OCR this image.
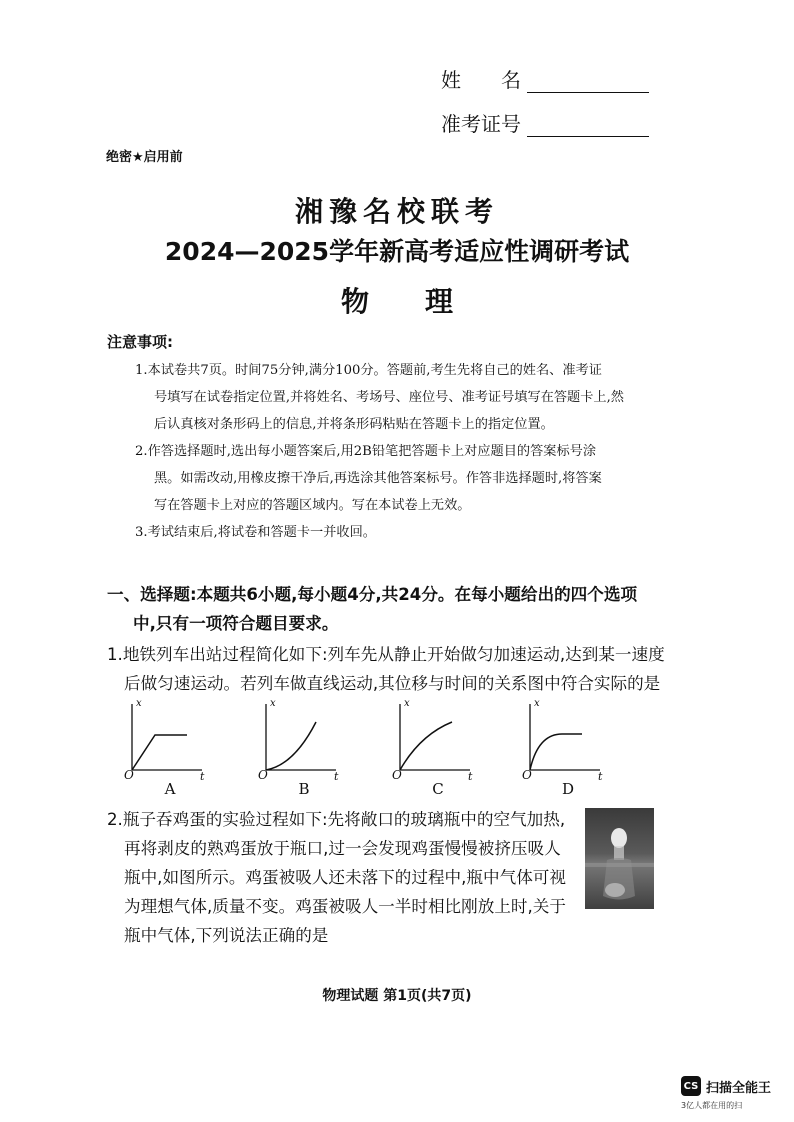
姓　　名
准考证号
绝密★启用前
湘豫名校联考
2024—2025学年新高考适应性调研考试
物　　理
注意事项:
1.本试卷共7页。时间75分钟,满分100分。答题前,考生先将自己的姓名、准考证
号填写在试卷指定位置,并将姓名、考场号、座位号、准考证号填写在答题卡上,然
后认真核对条形码上的信息,并将条形码粘贴在答题卡上的指定位置。
2.作答选择题时,选出每小题答案后,用2B铅笔把答题卡上对应题目的答案标号涂
黑。如需改动,用橡皮擦干净后,再选涂其他答案标号。作答非选择题时,将答案
写在答题卡上对应的答题区域内。写在本试卷上无效。
3.考试结束后,将试卷和答题卡一并收回。
一、选择题:本题共6小题,每小题4分,共24分。在每小题给出的四个选项
中,只有一项符合题目要求。
1.地铁列车出站过程简化如下:列车先从静止开始做匀加速运动,达到某一速度
后做匀速运动。若列车做直线运动,其位移与时间的关系图中符合实际的是
x
t
O
A
x
t
O
B
x
t
O
C
x
t
O
D
2.瓶子吞鸡蛋的实验过程如下:先将敞口的玻璃瓶中的空气加热,
再将剥皮的熟鸡蛋放于瓶口,过一会发现鸡蛋慢慢被挤压吸人
瓶中,如图所示。鸡蛋被吸人还未落下的过程中,瓶中气体可视
为理想气体,质量不变。鸡蛋被吸人一半时相比刚放上时,关于
瓶中气体,下列说法正确的是
物理试题 第1页(共7页)
CS 扫描全能王
3亿人都在用的扫
